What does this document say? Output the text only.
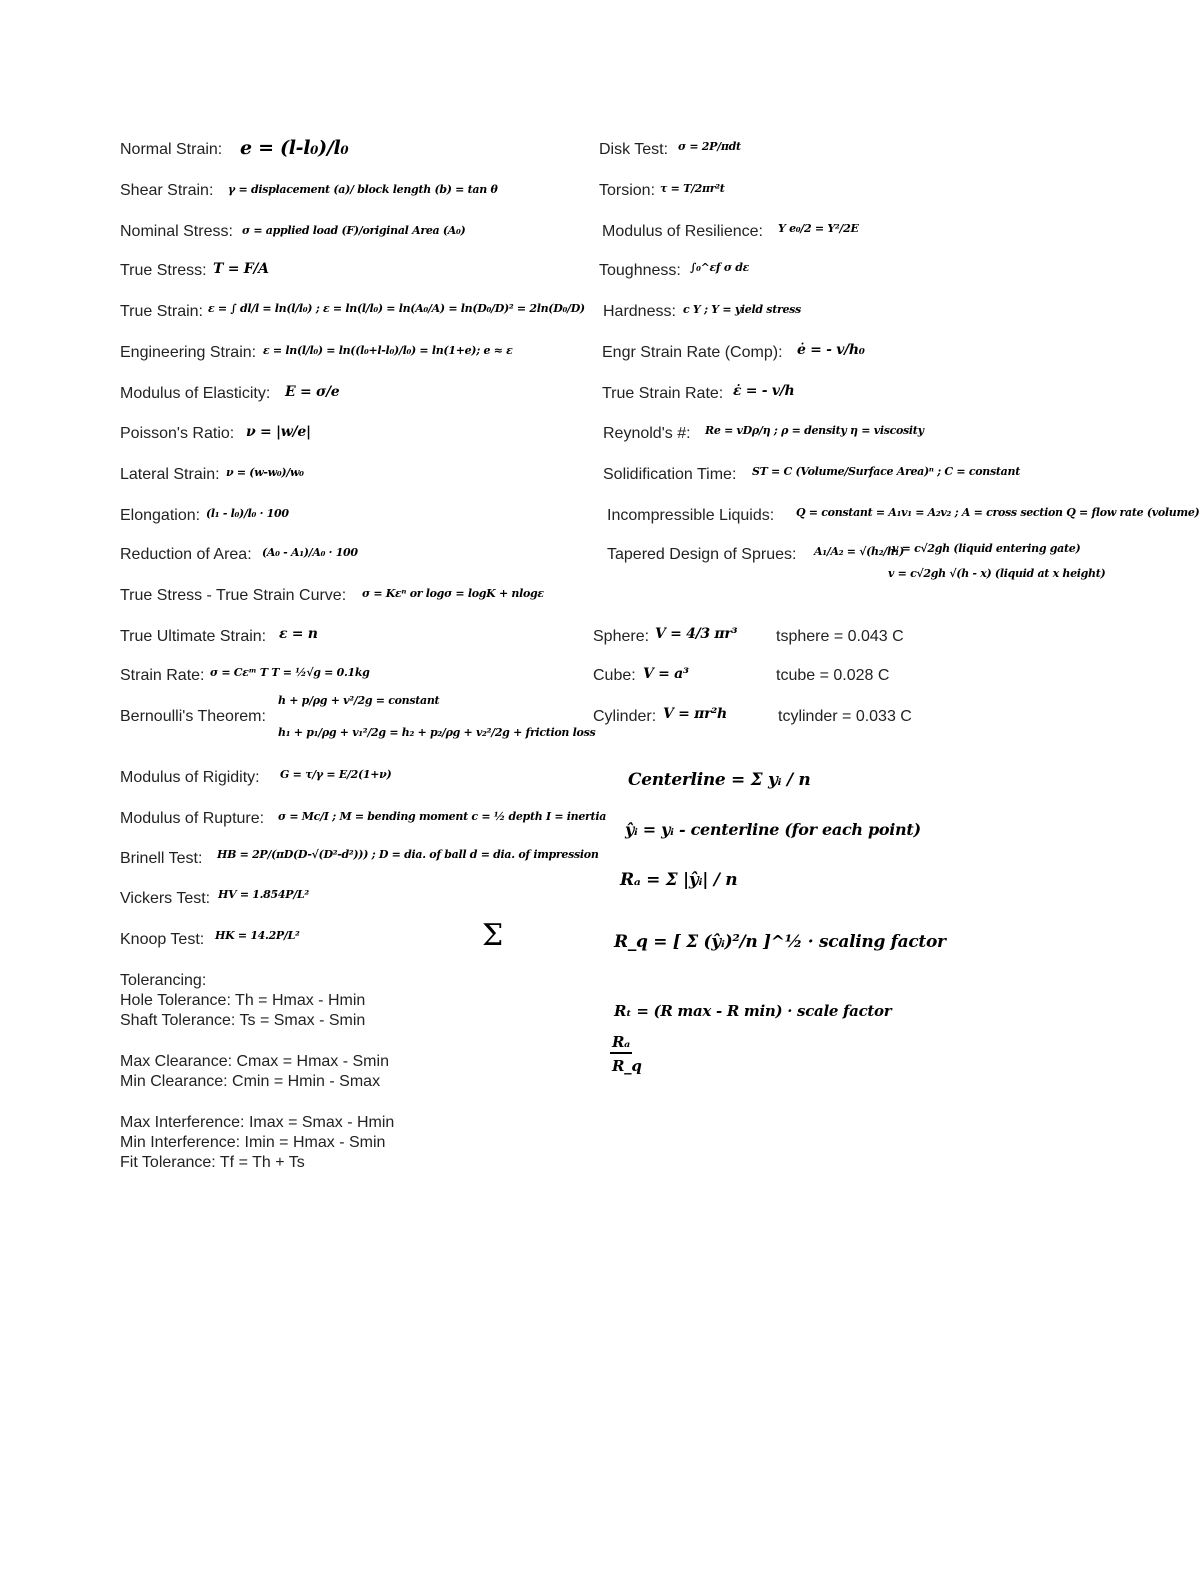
Normal Strain: e = (l-l₀)/l₀
Shear Strain: γ = displacement (a)/ block length (b) = tan θ
Nominal Stress: σ = applied load (F)/original Area (A₀)
True Stress: T = F/A
True Strain: ε = ∫ dl/l = ln(l/l₀) ; ε = ln(l/l₀) = ln(A₀/A) = ln(D₀/D)² = 2ln(D₀/D)
Engineering Strain: ε = ln(l/l₀) = ln((l₀+l-l₀)/l₀) = ln(1+e); e ≈ ε
Modulus of Elasticity: E = σ/e
Poisson's Ratio: ν = |w/e|
Lateral Strain: ν = (w-w₀)/w₀
Elongation: (l₁ - l₀)/l₀ · 100
Reduction of Area: (A₀ - A₁)/A₀ · 100
True Stress - True Strain Curve: σ = Kεⁿ or logσ = logK + nlogε
True Ultimate Strain: ε = n
Strain Rate: σ = Cεᵐ T T = ½√g = 0.1kg
Bernoulli's Theorem:
h + p/ρg + v²/2g = constant
h₁ + p₁/ρg + v₁²/2g = h₂ + p₂/ρg + v₂²/2g + friction loss
Modulus of Rigidity: G = τ/γ = E/2(1+ν)
Modulus of Rupture: σ = Mc/I ; M = bending moment c = ½ depth I = inertia
Brinell Test: HB = 2P/(πD(D-√(D²-d²))) ; D = dia. of ball d = dia. of impression
Vickers Test: HV = 1.854P/L²
Knoop Test: HK = 14.2P/L²	Σ
Tolerancing:
Hole Tolerance: Th = Hmax - Hmin
Shaft Tolerance: Ts = Smax - Smin
Max Clearance: Cmax = Hmax - Smin
Min Clearance: Cmin = Hmin - Smax
Max Interference: Imax = Smax - Hmin
Min Interference: Imin = Hmax - Smin
Fit Tolerance: Tf = Th + Ts
Disk Test: σ = 2P/πdt
Torsion: τ = T/2πr²t
Modulus of Resilience: Y e₀/2 = Y²/2E
Toughness: ∫₀^εf σ dε
Hardness: c Y ; Y = yield stress
Engr Strain Rate (Comp): ė = - v/h₀
True Strain Rate: ε̇ = - v/h
Reynold's #: Re = vDρ/η ; ρ = density η = viscosity
Solidification Time: ST = C (Volume/Surface Area)ⁿ ; C = constant
Incompressible Liquids: Q = constant = A₁v₁ = A₂v₂ ; A = cross section Q = flow rate (volume)
Tapered Design of Sprues: A₁/A₂ = √(h₂/h₁)
v = c√2gh (liquid entering gate)
v = c√2gh √(h - x) (liquid at x height)
Sphere: V = 4/3 πr³ tsphere = 0.043 C
Cube: V = a³	tcube = 0.028 C
Cylinder: V = πr²h	tcylinder = 0.033 C
Centerline = Σ yᵢ / n
ŷᵢ = yᵢ - centerline (for each point)
Rₐ = Σ |ŷᵢ| / n
R_q = [ Σ (ŷᵢ)²/n ]^½ · scaling factor
Rₜ = (R max - R min) · scale factor
Rₐ
R_q
